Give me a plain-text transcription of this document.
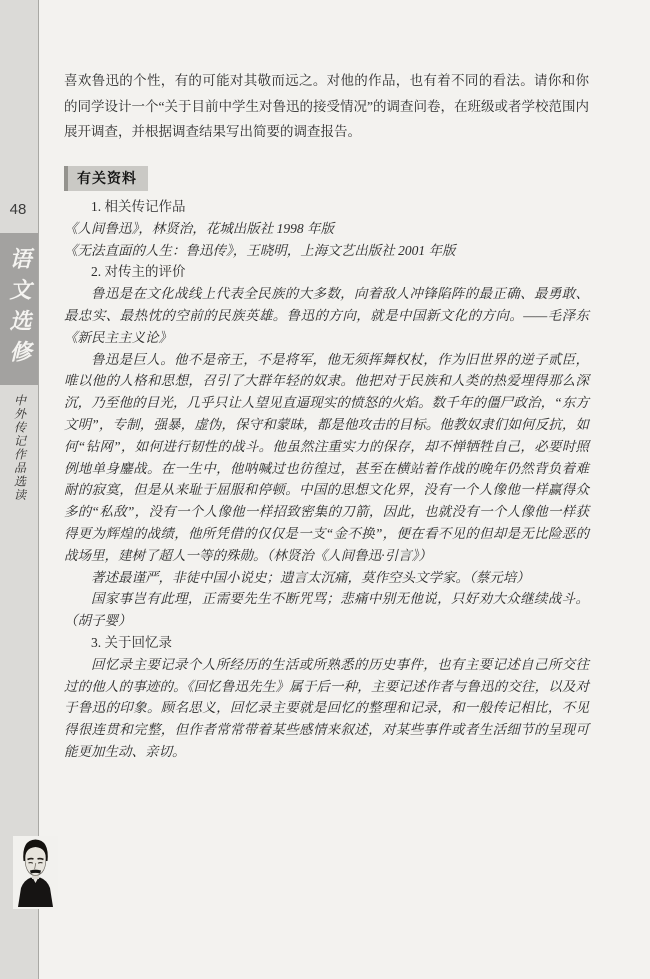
48
语文选修
中外传记作品选读

喜欢鲁迅的个性，有的可能对其敬而远之。对他的作品，也有着不同的看法。请你和你的同学设计一个“关于目前中学生对鲁迅的接受情况”的调查问卷，在班级或者学校范围内展开调查，并根据调查结果写出简要的调查报告。

有关资料

1. 相关传记作品

《人间鲁迅》，林贤治，花城出版社 1998 年版

《无法直面的人生：鲁迅传》，王晓明，上海文艺出版社 2001 年版

2. 对传主的评价

鲁迅是在文化战线上代表全民族的大多数，向着敌人冲锋陷阵的最正确、最勇敢、最忠实、最热忱的空前的民族英雄。鲁迅的方向，就是中国新文化的方向。——毛泽东《新民主主义论》

鲁迅是巨人。他不是帝王，不是将军，他无须挥舞权杖，作为旧世界的逆子贰臣，唯以他的人格和思想，召引了大群年轻的奴隶。他把对于民族和人类的热爱埋得那么深沉，乃至他的目光，几乎只让人望见直逼现实的愤怒的火焰。数千年的僵尸政治，“东方文明”，专制，强暴，虚伪，保守和蒙昧，都是他攻击的目标。他教奴隶们如何反抗，如何“钻网”，如何进行韧性的战斗。他虽然注重实力的保存，却不惮牺牲自己，必要时照例地单身鏖战。在一生中，他呐喊过也彷徨过，甚至在横站着作战的晚年仍然背负着难耐的寂寞，但是从来耻于屈服和停顿。中国的思想文化界，没有一个人像他一样赢得众多的“私敌”，没有一个人像他一样招致密集的刀箭，因此，也就没有一个人像他一样获得更为辉煌的战绩，他所凭借的仅仅是一支“金不换”，便在看不见的但却是无比险恶的战场里，建树了超人一等的殊勋。（林贤治《人间鲁迅·引言》）

著述最谨严，非徒中国小说史；遗言太沉痛，莫作空头文学家。（蔡元培）

国家事岂有此理，正需要先生不断咒骂；悲痛中别无他说，只好劝大众继续战斗。（胡子婴）

3. 关于回忆录

回忆录主要记录个人所经历的生活或所熟悉的历史事件，也有主要记述自己所交往过的他人的事迹的。《回忆鲁迅先生》属于后一种，主要记述作者与鲁迅的交往，以及对于鲁迅的印象。顾名思义，回忆录主要就是回忆的整理和记录，和一般传记相比，不见得很连贯和完整，但作者常常带着某些感情来叙述，对某些事件或者生活细节的呈现可能更加生动、亲切。
